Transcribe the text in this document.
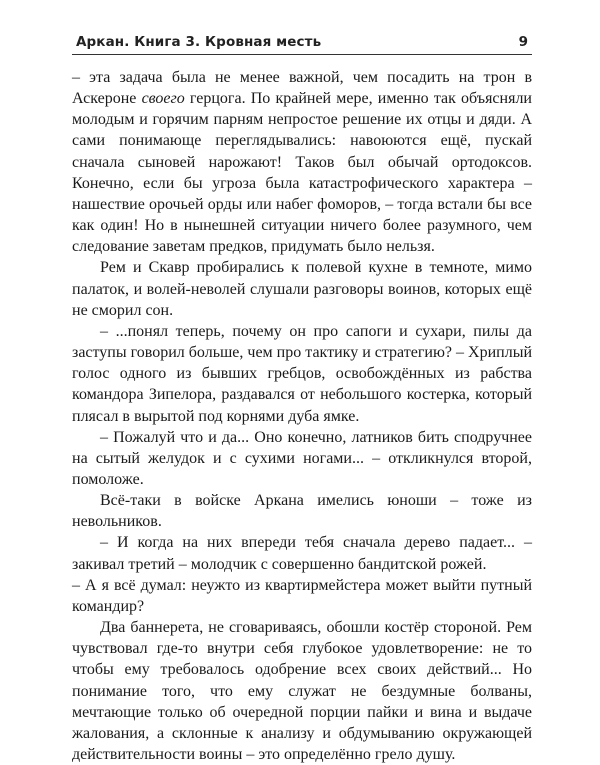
Аркан. Книга 3. Кровная месть	9

– эта задача была не менее важной, чем посадить на трон в Аскероне своего герцога. По крайней мере, именно так объясняли молодым и горячим парням непростое решение их отцы и дяди. А сами понимающе переглядывались: навоюются ещё, пускай сначала сыновей нарожают! Таков был обычай ортодоксов. Конечно, если бы угроза была катастрофического характера – нашествие орочьей орды или набег фоморов, – тогда встали бы все как один! Но в нынешней ситуации ничего более разумного, чем следование заветам предков, придумать было нельзя.

Рем и Скавр пробирались к полевой кухне в темноте, мимо палаток, и волей-неволей слушали разговоры воинов, которых ещё не сморил сон.

– ...понял теперь, почему он про сапоги и сухари, пилы да заступы говорил больше, чем про тактику и стратегию? – Хриплый голос одного из бывших гребцов, освобождённых из рабства командора Зипелора, раздавался от небольшого костерка, который плясал в вырытой под корнями дуба ямке.

– Пожалуй что и да... Оно конечно, латников бить сподручнее на сытый желудок и с сухими ногами... – откликнулся второй, помоложе.

Всё-таки в войске Аркана имелись юноши – тоже из невольников.

– И когда на них впереди тебя сначала дерево падает... – закивал третий – молодчик с совершенно бандитской рожей.

– А я всё думал: неужто из квартирмейстера может выйти путный командир?

Два баннерета, не сговариваясь, обошли костёр стороной. Рем чувствовал где-то внутри себя глубокое удовлетворение: не то чтобы ему требовалось одобрение всех своих действий... Но понимание того, что ему служат не бездумные болваны, мечтающие только об очередной порции пайки и вина и выдаче жалования, а склонные к анализу и обдумыванию окружающей действительности воины – это определённо грело душу.
